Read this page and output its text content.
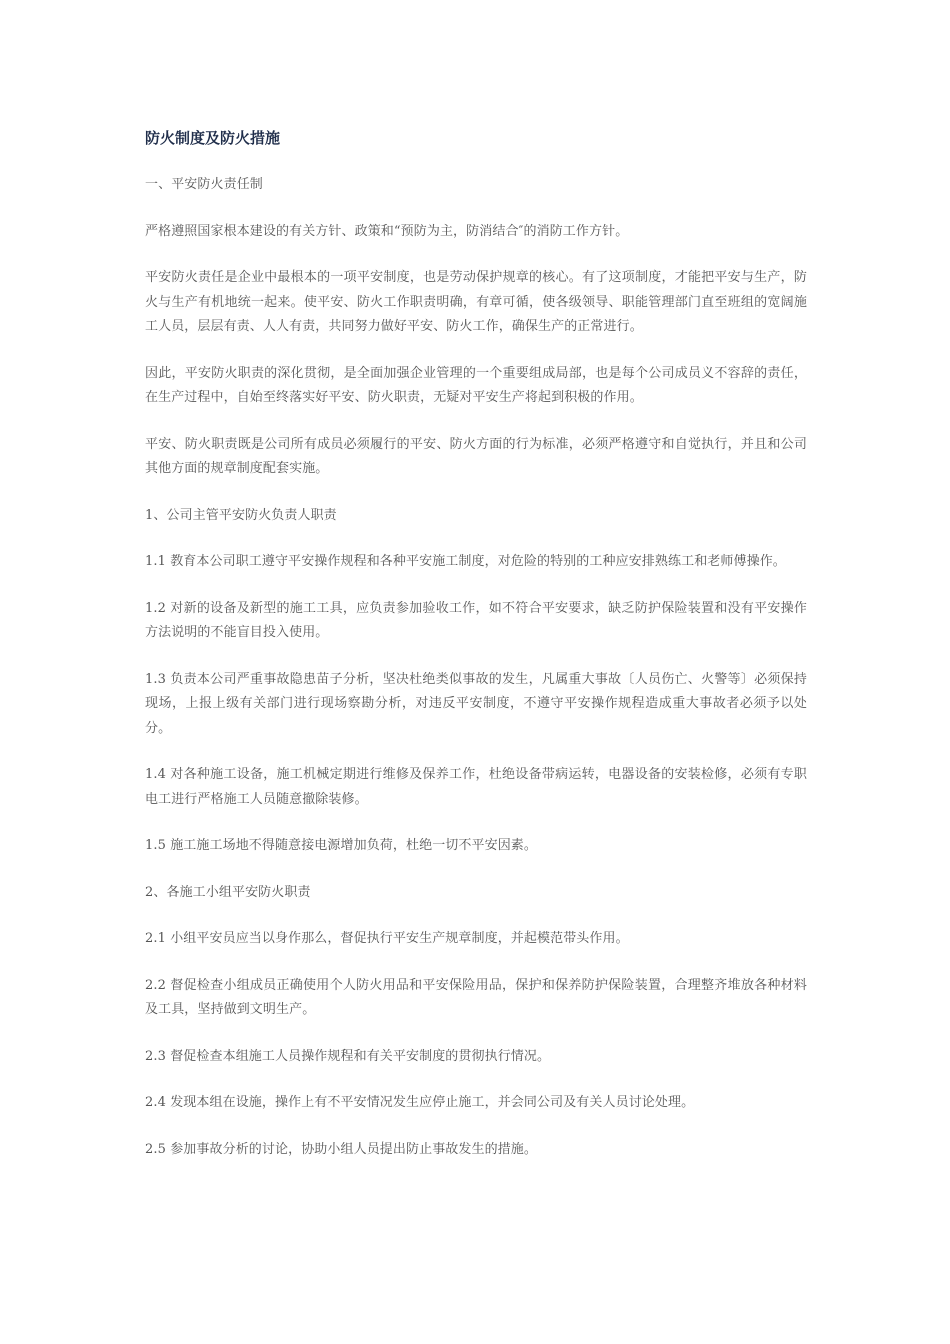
防火制度及防火措施

一、平安防火责任制

严格遵照国家根本建设的有关方针、政策和“预防为主，防消结合″的消防工作方针。

平安防火责任是企业中最根本的一项平安制度，也是劳动保护规章的核心。有了这项制度，才能把平安与生产，防火与生产有机地统一起来。使平安、防火工作职责明确，有章可循，使各级领导、职能管理部门直至班组的宽阔施工人员，层层有责、人人有责，共同努力做好平安、防火工作，确保生产的正常进行。

因此，平安防火职责的深化贯彻，是全面加强企业管理的一个重要组成局部，也是每个公司成员义不容辞的责任，在生产过程中，自始至终落实好平安、防火职责，无疑对平安生产将起到积极的作用。

平安、防火职责既是公司所有成员必须履行的平安、防火方面的行为标准，必须严格遵守和自觉执行，并且和公司其他方面的规章制度配套实施。

1、公司主管平安防火负责人职责

1.1 教育本公司职工遵守平安操作规程和各种平安施工制度，对危险的特别的工种应安排熟练工和老师傅操作。

1.2 对新的设备及新型的施工工具，应负责参加验收工作，如不符合平安要求，缺乏防护保险装置和没有平安操作方法说明的不能盲目投入使用。

1.3 负责本公司严重事故隐患苗子分析，坚决杜绝类似事故的发生，凡属重大事故〔人员伤亡、火警等〕必须保持现场，上报上级有关部门进行现场察勘分析，对违反平安制度，不遵守平安操作规程造成重大事故者必须予以处分。

1.4 对各种施工设备，施工机械定期进行维修及保养工作，杜绝设备带病运转，电器设备的安装检修，必须有专职电工进行严格施工人员随意撤除装修。

1.5 施工施工场地不得随意接电源增加负荷，杜绝一切不平安因素。

2、各施工小组平安防火职责

2.1 小组平安员应当以身作那么，督促执行平安生产规章制度，并起模范带头作用。

2.2 督促检查小组成员正确使用个人防火用品和平安保险用品，保护和保养防护保险装置，合理整齐堆放各种材料及工具，坚持做到文明生产。

2.3 督促检查本组施工人员操作规程和有关平安制度的贯彻执行情况。

2.4 发现本组在设施，操作上有不平安情况发生应停止施工，并会同公司及有关人员讨论处理。

2.5 参加事故分析的讨论，协助小组人员提出防止事故发生的措施。
